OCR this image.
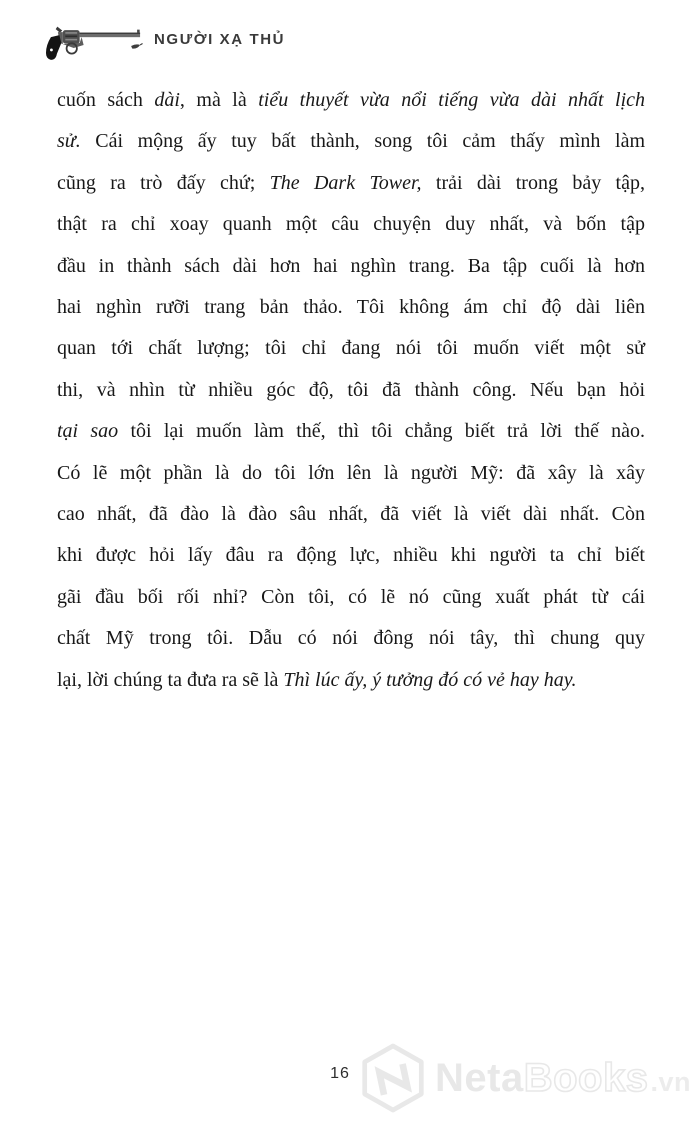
NGƯỜI XẠ THỦ
cuốn sách dài, mà là tiểu thuyết vừa nổi tiếng vừa dài nhất lịch
sử. Cái mộng ấy tuy bất thành, song tôi cảm thấy mình làm
cũng ra trò đấy chứ; The Dark Tower, trải dài trong bảy tập,
thật ra chỉ xoay quanh một câu chuyện duy nhất, và bốn tập
đầu in thành sách dài hơn hai nghìn trang. Ba tập cuối là hơn
hai nghìn rưỡi trang bản thảo. Tôi không ám chỉ độ dài liên
quan tới chất lượng; tôi chỉ đang nói tôi muốn viết một sử
thi, và nhìn từ nhiều góc độ, tôi đã thành công. Nếu bạn hỏi
tại sao tôi lại muốn làm thế, thì tôi chẳng biết trả lời thế nào.
Có lẽ một phần là do tôi lớn lên là người Mỹ: đã xây là xây
cao nhất, đã đào là đào sâu nhất, đã viết là viết dài nhất. Còn
khi được hỏi lấy đâu ra động lực, nhiều khi người ta chỉ biết
gãi đầu bối rối nhỉ? Còn tôi, có lẽ nó cũng xuất phát từ cái
chất Mỹ trong tôi. Dẫu có nói đông nói tây, thì chung quy
lại, lời chúng ta đưa ra sẽ là Thì lúc ấy, ý tưởng đó có vẻ hay hay.
16 Neta Books .vn
